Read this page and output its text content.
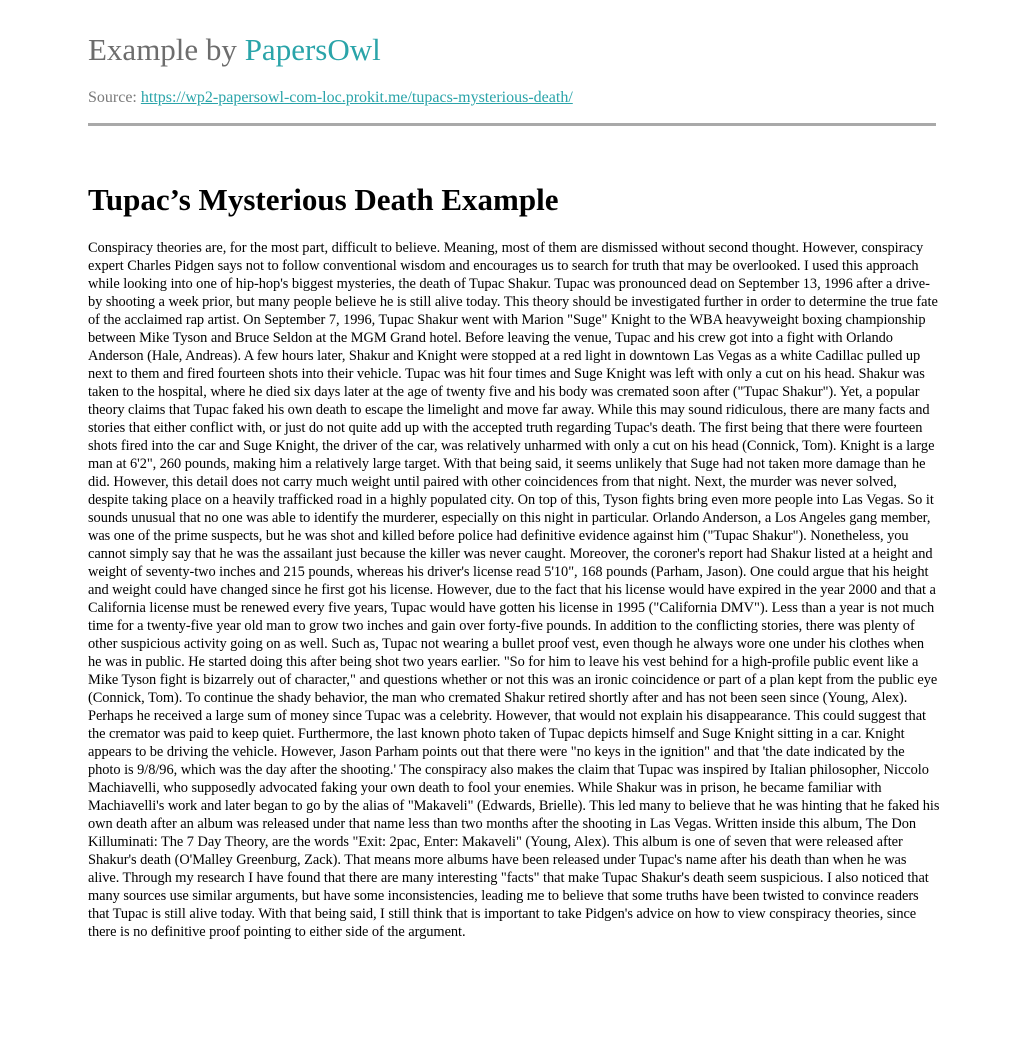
Example by PapersOwl
Source: https://wp2-papersowl-com-loc.prokit.me/tupacs-mysterious-death/
Tupac’s Mysterious Death Example

Conspiracy theories are, for the most part, difficult to believe. Meaning, most of them are dismissed without second thought. However, conspiracy expert Charles Pidgen says not to follow conventional wisdom and encourages us to search for truth that may be overlooked. I used this approach while looking into one of hip-hop's biggest mysteries, the death of Tupac Shakur. Tupac was pronounced dead on September 13, 1996 after a drive-by shooting a week prior, but many people believe he is still alive today. This theory should be investigated further in order to determine the true fate of the acclaimed rap artist. On September 7, 1996, Tupac Shakur went with Marion "Suge" Knight to the WBA heavyweight boxing championship between Mike Tyson and Bruce Seldon at the MGM Grand hotel. Before leaving the venue, Tupac and his crew got into a fight with Orlando Anderson (Hale, Andreas). A few hours later, Shakur and Knight were stopped at a red light in downtown Las Vegas as a white Cadillac pulled up next to them and fired fourteen shots into their vehicle. Tupac was hit four times and Suge Knight was left with only a cut on his head. Shakur was taken to the hospital, where he died six days later at the age of twenty five and his body was cremated soon after ("Tupac Shakur"). Yet, a popular theory claims that Tupac faked his own death to escape the limelight and move far away. While this may sound ridiculous, there are many facts and stories that either conflict with, or just do not quite add up with the accepted truth regarding Tupac's death. The first being that there were fourteen shots fired into the car and Suge Knight, the driver of the car, was relatively unharmed with only a cut on his head (Connick, Tom). Knight is a large man at 6'2", 260 pounds, making him a relatively large target. With that being said, it seems unlikely that Suge had not taken more damage than he did. However, this detail does not carry much weight until paired with other coincidences from that night. Next, the murder was never solved, despite taking place on a heavily trafficked road in a highly populated city. On top of this, Tyson fights bring even more people into Las Vegas. So it sounds unusual that no one was able to identify the murderer, especially on this night in particular. Orlando Anderson, a Los Angeles gang member, was one of the prime suspects, but he was shot and killed before police had definitive evidence against him ("Tupac Shakur"). Nonetheless, you cannot simply say that he was the assailant just because the killer was never caught. Moreover, the coroner's report had Shakur listed at a height and weight of seventy-two inches and 215 pounds, whereas his driver's license read 5'10", 168 pounds (Parham, Jason). One could argue that his height and weight could have changed since he first got his license. However, due to the fact that his license would have expired in the year 2000 and that a California license must be renewed every five years, Tupac would have gotten his license in 1995 ("California DMV"). Less than a year is not much time for a twenty-five year old man to grow two inches and gain over forty-five pounds. In addition to the conflicting stories, there was plenty of other suspicious activity going on as well. Such as, Tupac not wearing a bullet proof vest, even though he always wore one under his clothes when he was in public. He started doing this after being shot two years earlier. "So for him to leave his vest behind for a high-profile public event like a Mike Tyson fight is bizarrely out of character," and questions whether or not this was an ironic coincidence or part of a plan kept from the public eye (Connick, Tom). To continue the shady behavior, the man who cremated Shakur retired shortly after and has not been seen since (Young, Alex). Perhaps he received a large sum of money since Tupac was a celebrity. However, that would not explain his disappearance. This could suggest that the cremator was paid to keep quiet. Furthermore, the last known photo taken of Tupac depicts himself and Suge Knight sitting in a car. Knight appears to be driving the vehicle. However, Jason Parham points out that there were "no keys in the ignition" and that 'the date indicated by the photo is 9/8/96, which was the day after the shooting.' The conspiracy also makes the claim that Tupac was inspired by Italian philosopher, Niccolo Machiavelli, who supposedly advocated faking your own death to fool your enemies. While Shakur was in prison, he became familiar with Machiavelli's work and later began to go by the alias of "Makaveli" (Edwards, Brielle). This led many to believe that he was hinting that he faked his own death after an album was released under that name less than two months after the shooting in Las Vegas. Written inside this album, The Don Killuminati: The 7 Day Theory, are the words "Exit: 2pac, Enter: Makaveli" (Young, Alex). This album is one of seven that were released after Shakur's death (O'Malley Greenburg, Zack). That means more albums have been released under Tupac's name after his death than when he was alive. Through my research I have found that there are many interesting "facts" that make Tupac Shakur's death seem suspicious. I also noticed that many sources use similar arguments, but have some inconsistencies, leading me to believe that some truths have been twisted to convince readers that Tupac is still alive today. With that being said, I still think that is important to take Pidgen's advice on how to view conspiracy theories, since there is no definitive proof pointing to either side of the argument.
